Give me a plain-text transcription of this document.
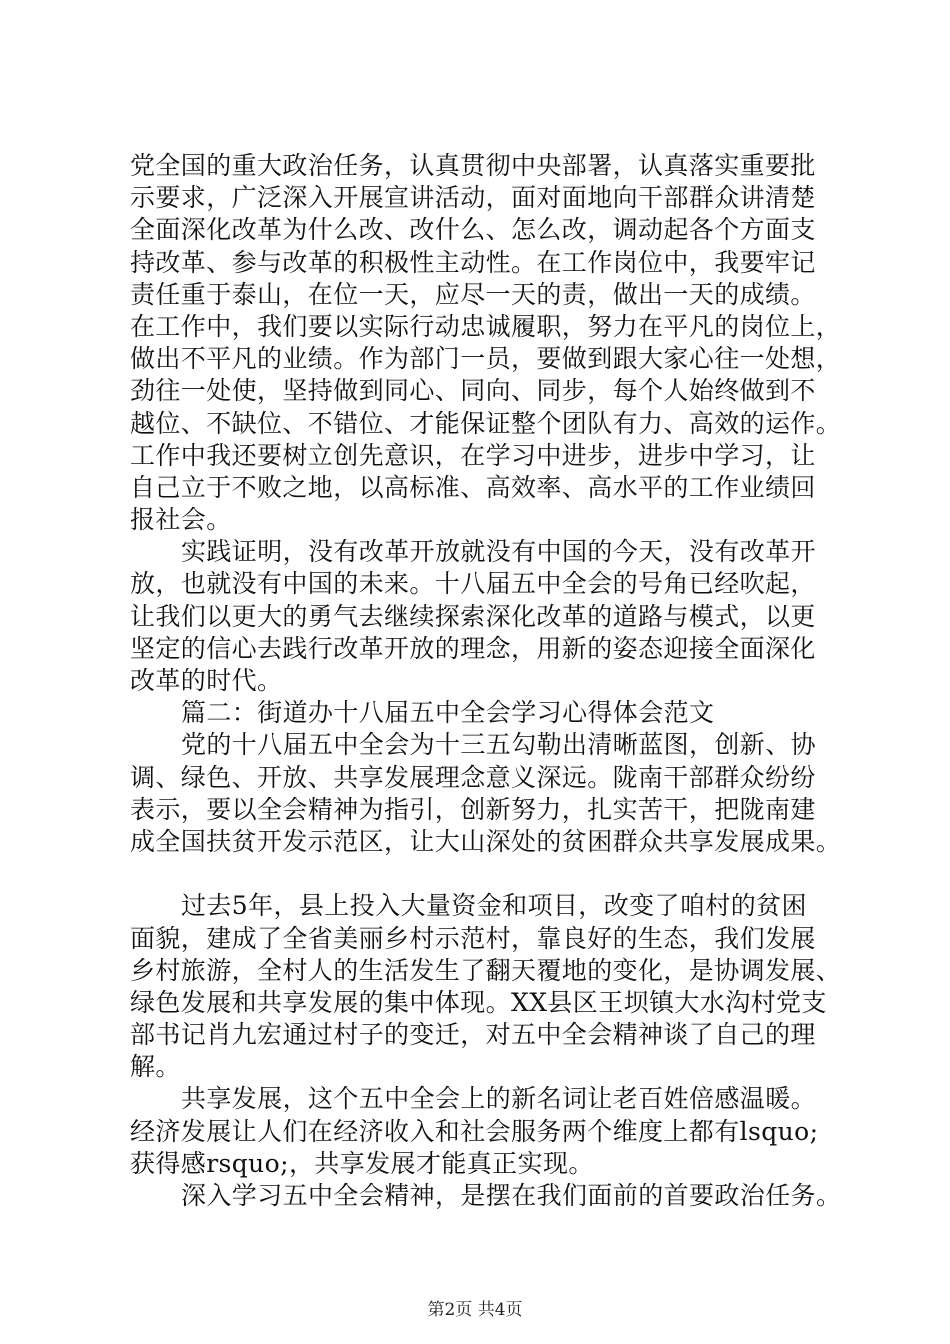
党全国的重大政治任务，认真贯彻中央部署，认真落实重要批
示要求，广泛深入开展宣讲活动，面对面地向干部群众讲清楚
全面深化改革为什么改、改什么、怎么改，调动起各个方面支
持改革、参与改革的积极性主动性。在工作岗位中，我要牢记
责任重于泰山，在位一天，应尽一天的责，做出一天的成绩。
在工作中，我们要以实际行动忠诚履职，努力在平凡的岗位上，
做出不平凡的业绩。作为部门一员，要做到跟大家心往一处想，
劲往一处使，坚持做到同心、同向、同步，每个人始终做到不
越位、不缺位、不错位、才能保证整个团队有力、高效的运作。
工作中我还要树立创先意识，在学习中进步，进步中学习，让
自己立于不败之地，以高标准、高效率、高水平的工作业绩回
报社会。
实践证明，没有改革开放就没有中国的今天，没有改革开
放，也就没有中国的未来。十八届五中全会的号角已经吹起，
让我们以更大的勇气去继续探索深化改革的道路与模式，以更
坚定的信心去践行改革开放的理念，用新的姿态迎接全面深化
改革的时代。
篇二：街道办十八届五中全会学习心得体会范文
党的十八届五中全会为十三五勾勒出清晰蓝图，创新、协
调、绿色、开放、共享发展理念意义深远。陇南干部群众纷纷
表示，要以全会精神为指引，创新努力，扎实苦干，把陇南建
成全国扶贫开发示范区，让大山深处的贫困群众共享发展成果。
过去5年，县上投入大量资金和项目，改变了咱村的贫困
面貌，建成了全省美丽乡村示范村，靠良好的生态，我们发展
乡村旅游，全村人的生活发生了翻天覆地的变化，是协调发展、
绿色发展和共享发展的集中体现。XX县区王坝镇大水沟村党支
部书记肖九宏通过村子的变迁，对五中全会精神谈了自己的理
解。
共享发展，这个五中全会上的新名词让老百姓倍感温暖。
经济发展让人们在经济收入和社会服务两个维度上都有lsquo;
获得感rsquo;，共享发展才能真正实现。
深入学习五中全会精神，是摆在我们面前的首要政治任务。
第2页 共4页
